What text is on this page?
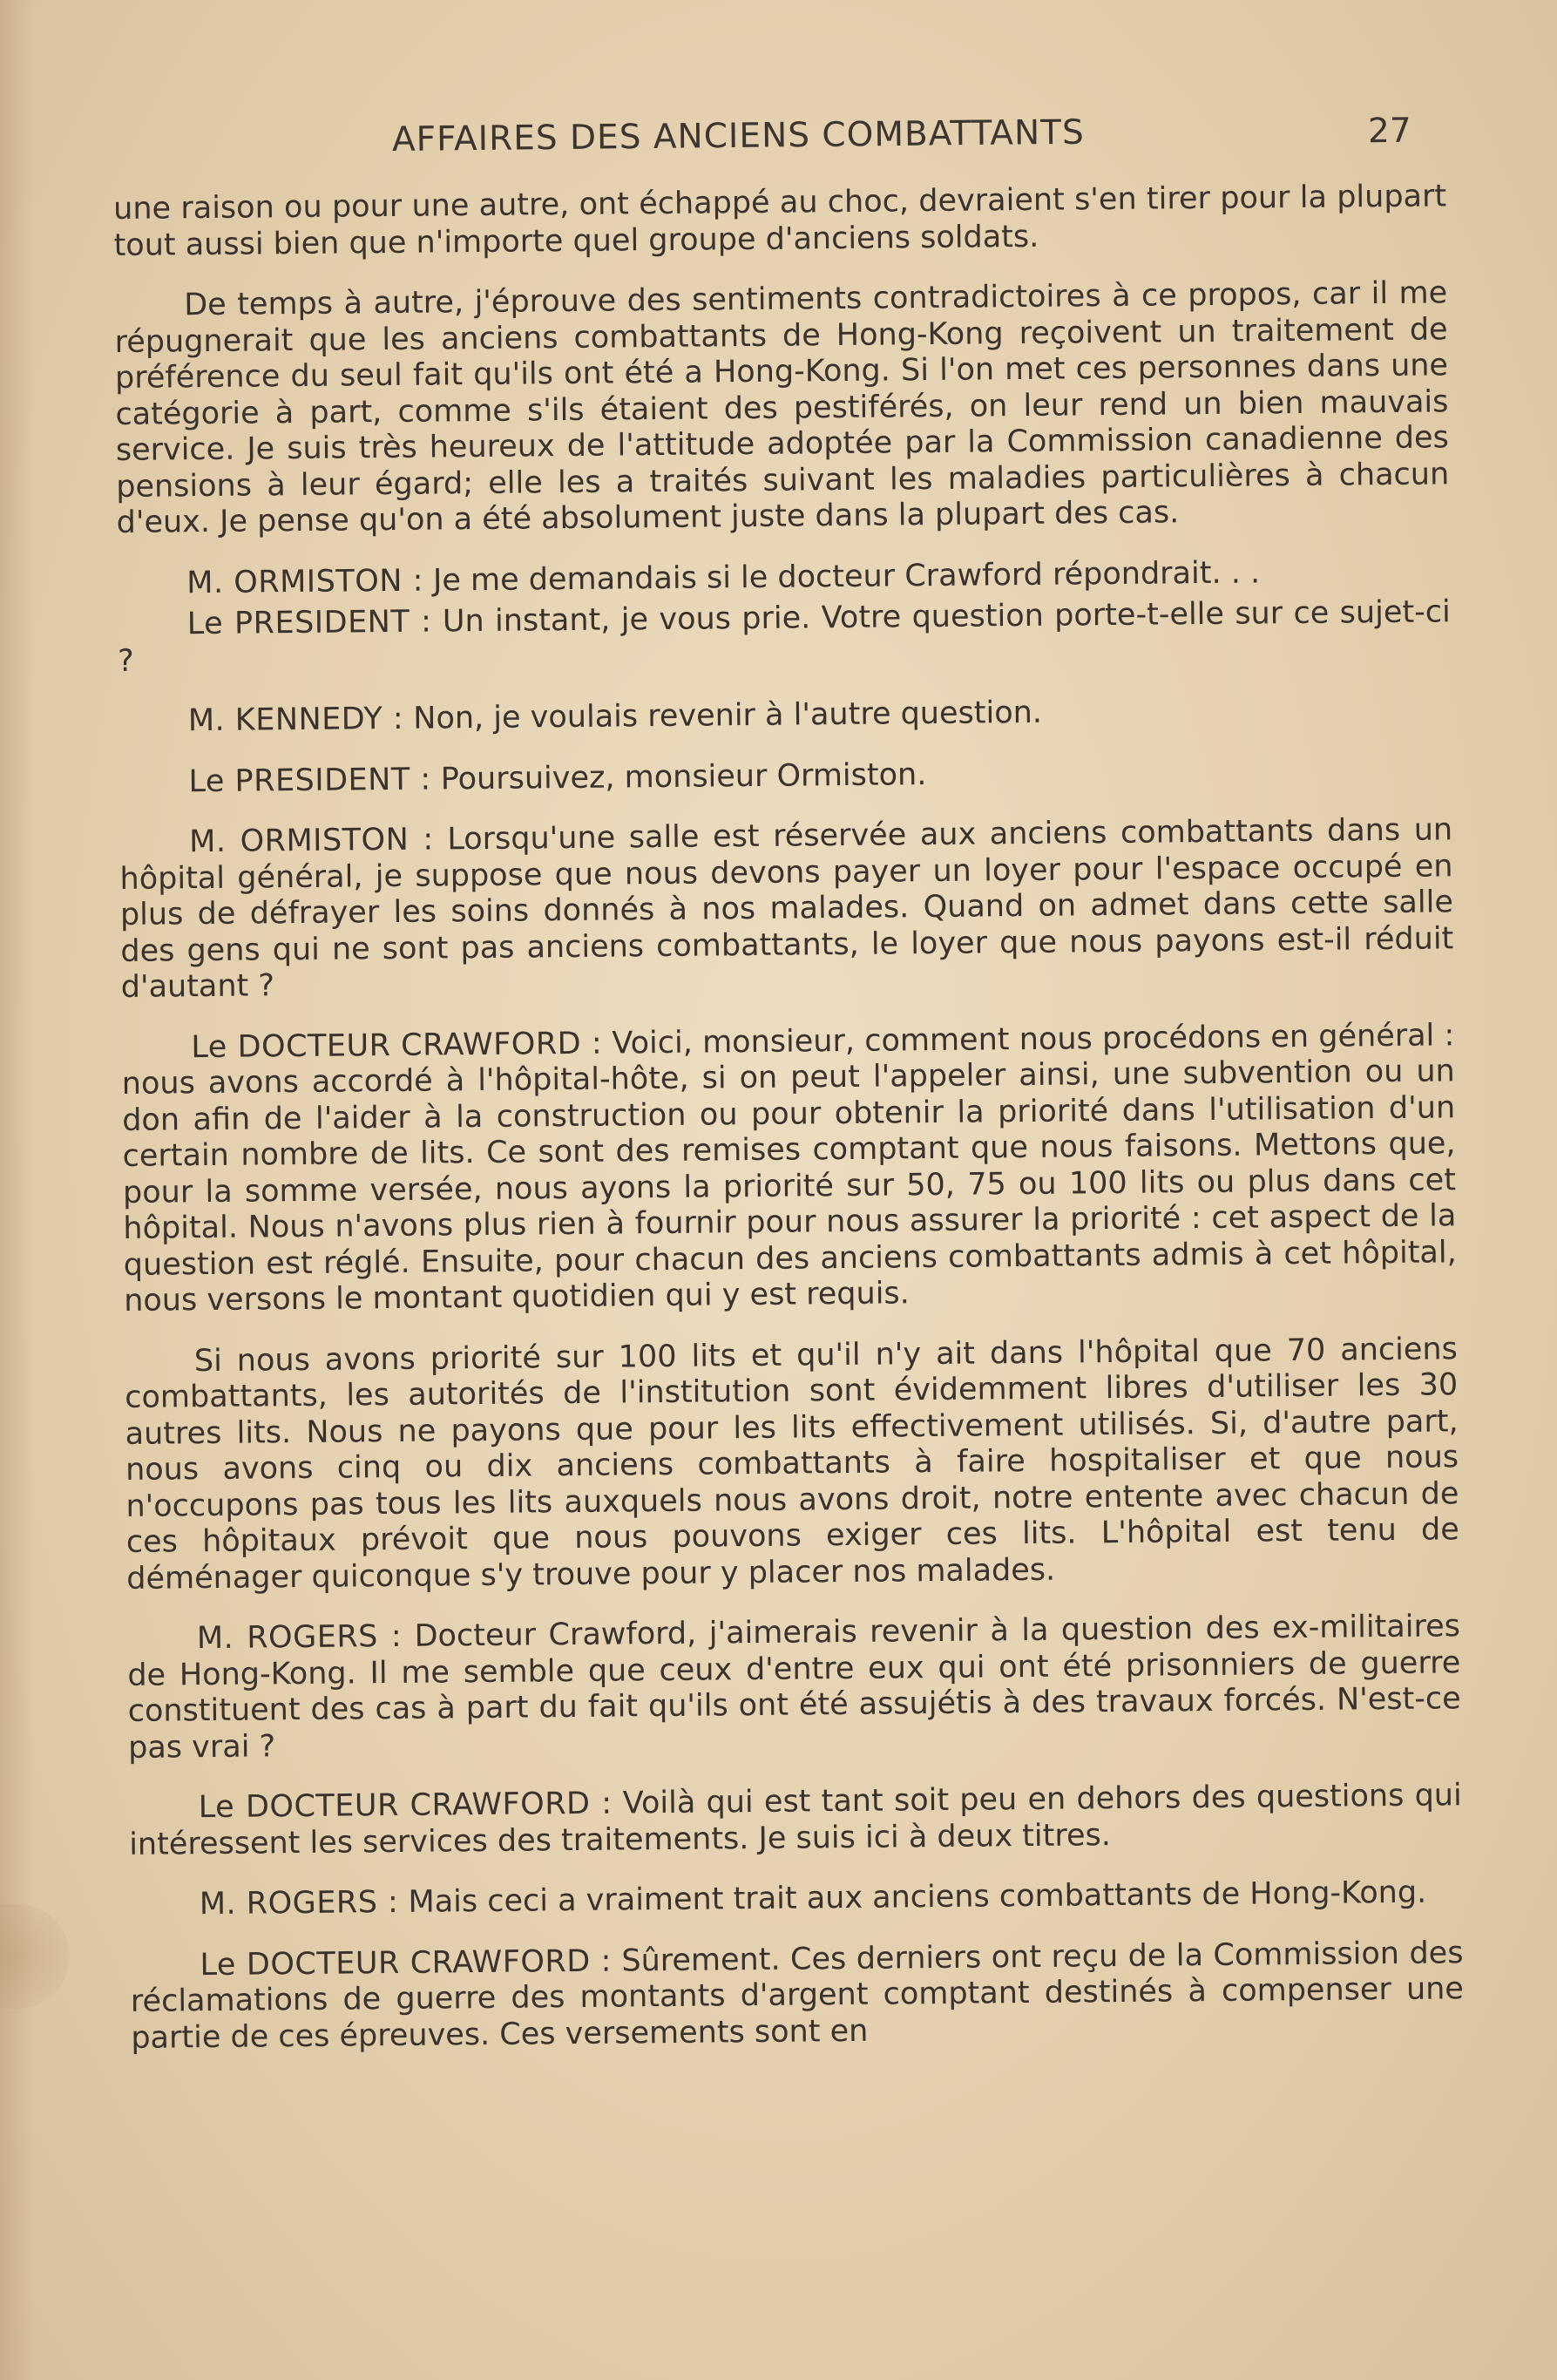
AFFAIRES DES ANCIENS COMBATTANTS	27

une raison ou pour une autre, ont échappé au choc, devraient s'en tirer pour la plupart tout aussi bien que n'importe quel groupe d'anciens soldats.

De temps à autre, j'éprouve des sentiments contradictoires à ce propos, car il me répugnerait que les anciens combattants de Hong-Kong reçoivent un traitement de préférence du seul fait qu'ils ont été a Hong-Kong. Si l'on met ces personnes dans une catégorie à part, comme s'ils étaient des pestiférés, on leur rend un bien mauvais service. Je suis très heureux de l'attitude adoptée par la Commission canadienne des pensions à leur égard; elle les a traités suivant les maladies particulières à chacun d'eux. Je pense qu'on a été absolument juste dans la plupart des cas.

M. ORMISTON : Je me demandais si le docteur Crawford répondrait. . .

Le PRESIDENT : Un instant, je vous prie. Votre question porte-t-elle sur ce sujet-ci ?

M. KENNEDY : Non, je voulais revenir à l'autre question.

Le PRESIDENT : Poursuivez, monsieur Ormiston.

M. ORMISTON : Lorsqu'une salle est réservée aux anciens combattants dans un hôpital général, je suppose que nous devons payer un loyer pour l'espace occupé en plus de défrayer les soins donnés à nos malades. Quand on admet dans cette salle des gens qui ne sont pas anciens combattants, le loyer que nous payons est-il réduit d'autant ?

Le DOCTEUR CRAWFORD : Voici, monsieur, comment nous procédons en général : nous avons accordé à l'hôpital-hôte, si on peut l'appeler ainsi, une subvention ou un don afin de l'aider à la construction ou pour obtenir la priorité dans l'utilisation d'un certain nombre de lits. Ce sont des remises comptant que nous faisons. Mettons que, pour la somme versée, nous ayons la priorité sur 50, 75 ou 100 lits ou plus dans cet hôpital. Nous n'avons plus rien à fournir pour nous assurer la priorité : cet aspect de la question est réglé. Ensuite, pour chacun des anciens combattants admis à cet hôpital, nous versons le montant quotidien qui y est requis.

Si nous avons priorité sur 100 lits et qu'il n'y ait dans l'hôpital que 70 anciens combattants, les autorités de l'institution sont évidemment libres d'utiliser les 30 autres lits. Nous ne payons que pour les lits effectivement utilisés. Si, d'autre part, nous avons cinq ou dix anciens combattants à faire hospitaliser et que nous n'occupons pas tous les lits auxquels nous avons droit, notre entente avec chacun de ces hôpitaux prévoit que nous pouvons exiger ces lits. L'hôpital est tenu de déménager quiconque s'y trouve pour y placer nos malades.

M. ROGERS : Docteur Crawford, j'aimerais revenir à la question des ex-militaires de Hong-Kong. Il me semble que ceux d'entre eux qui ont été prisonniers de guerre constituent des cas à part du fait qu'ils ont été assujétis à des travaux forcés. N'est-ce pas vrai ?

Le DOCTEUR CRAWFORD : Voilà qui est tant soit peu en dehors des questions qui intéressent les services des traitements. Je suis ici à deux titres.

M. ROGERS : Mais ceci a vraiment trait aux anciens combattants de Hong-Kong.

Le DOCTEUR CRAWFORD : Sûrement. Ces derniers ont reçu de la Commission des réclamations de guerre des montants d'argent comptant destinés à compenser une partie de ces épreuves. Ces versements sont en
